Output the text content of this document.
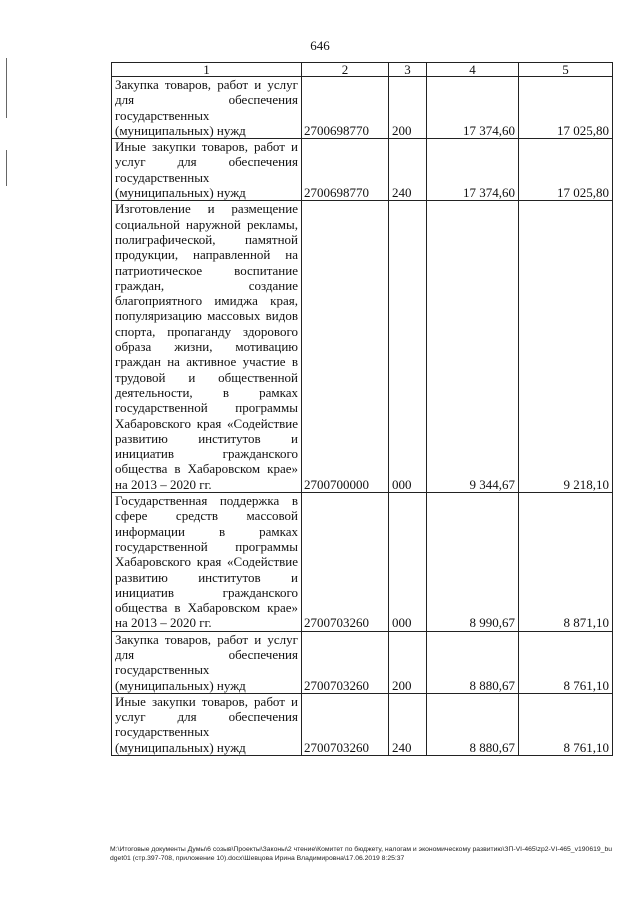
646
1	2	3	4	5
Закупка товаров, работ и услуг для обеспечения государственных (муниципальных) нужд	2700698770	200	17 374,60	17 025,80
Иные закупки товаров, работ и услуг для обеспечения государственных (муниципальных) нужд	2700698770	240	17 374,60	17 025,80
Изготовление и размещение социальной наружной рекламы, полиграфической, памятной продукции, направленной на патриотическое воспитание граждан, создание благоприятного имиджа края, популяризацию массовых видов спорта, пропаганду здорового образа жизни, мотивацию граждан на активное участие в трудовой и общественной деятельности, в рамках государственной программы Хабаровского края «Содействие развитию институтов и инициатив гражданского общества в Хабаровском крае» на 2013 – 2020 гг.	2700700000	000	9 344,67	9 218,10
Государственная поддержка в сфере средств массовой информации в рамках государственной программы Хабаровского края «Содействие развитию институтов и инициатив гражданского общества в Хабаровском крае» на 2013 – 2020 гг.	2700703260	000	8 990,67	8 871,10
Закупка товаров, работ и услуг для обеспечения государственных (муниципальных) нужд	2700703260	200	8 880,67	8 761,10
Иные закупки товаров, работ и услуг для обеспечения государственных (муниципальных) нужд	2700703260	240	8 880,67	8 761,10
M:\Итоговые документы Думы\6 созыв\Проекты\Законы\2 чтение\Комитет по бюджету, налогам и экономическому развитию\ЗП-VI-465\zp2-VI-465_v190619_budget01 (стр.397-708, приложение 10).docx\Шевцова Ирина Владимировна\17.06.2019 8:25:37
